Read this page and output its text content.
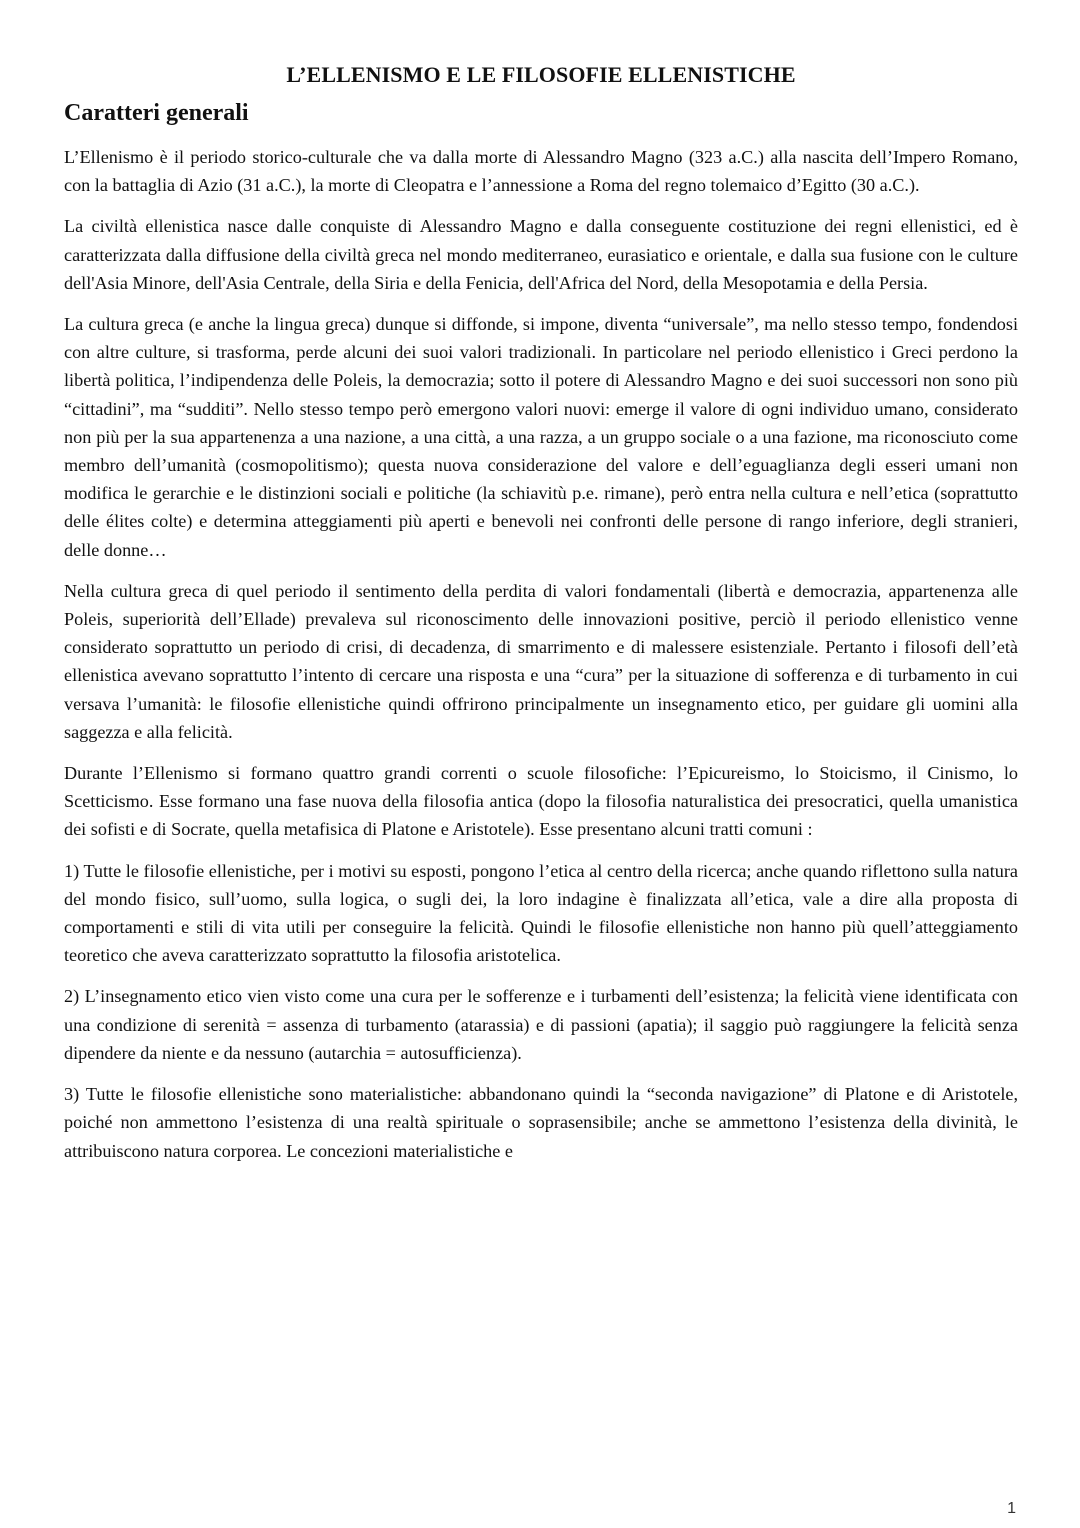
L’ELLENISMO E LE FILOSOFIE ELLENISTICHE
Caratteri generali

L’Ellenismo è il periodo storico-culturale che va dalla morte di Alessandro Magno (323 a.C.) alla nascita dell’Impero Romano, con la battaglia di Azio (31 a.C.), la morte di Cleopatra e l’annessione a Roma del regno tolemaico d’Egitto (30 a.C.).

La civiltà ellenistica nasce dalle conquiste di Alessandro Magno e dalla conseguente costituzione dei regni ellenistici, ed è caratterizzata dalla diffusione della civiltà greca nel mondo mediterraneo, eurasiatico e orientale, e dalla sua fusione con le culture dell'Asia Minore, dell'Asia Centrale, della Siria e della Fenicia, dell'Africa del Nord, della Mesopotamia e della Persia.

La cultura greca (e anche la lingua greca) dunque si diffonde, si impone, diventa “universale”, ma nello stesso tempo, fondendosi con altre culture, si trasforma, perde alcuni dei suoi valori tradizionali. In particolare nel periodo ellenistico i Greci perdono la libertà politica, l’indipendenza delle Poleis, la democrazia; sotto il potere di Alessandro Magno e dei suoi successori non sono più “cittadini”, ma “sudditi”. Nello stesso tempo però emergono valori nuovi: emerge il valore di ogni individuo umano, considerato non più per la sua appartenenza a una nazione, a una città, a una razza, a un gruppo sociale o a una fazione, ma riconosciuto come membro dell’umanità (cosmopolitismo); questa nuova considerazione del valore e dell’eguaglianza degli esseri umani non modifica le gerarchie e le distinzioni sociali e politiche (la schiavitù p.e. rimane), però entra nella cultura e nell’etica (soprattutto delle élites colte) e determina atteggiamenti più aperti e benevoli nei confronti delle persone di rango inferiore, degli stranieri, delle donne…

Nella cultura greca di quel periodo il sentimento della perdita di valori fondamentali (libertà e democrazia, appartenenza alle Poleis, superiorità dell’Ellade) prevaleva sul riconoscimento delle innovazioni positive, perciò il periodo ellenistico venne considerato soprattutto un periodo di crisi, di decadenza, di smarrimento e di malessere esistenziale. Pertanto i filosofi dell’età ellenistica avevano soprattutto l’intento di cercare una risposta e una “cura” per la situazione di sofferenza e di turbamento in cui versava l’umanità: le filosofie ellenistiche quindi offrirono principalmente un insegnamento etico, per guidare gli uomini alla saggezza e alla felicità.

Durante l’Ellenismo si formano quattro grandi correnti o scuole filosofiche: l’Epicureismo, lo Stoicismo, il Cinismo, lo Scetticismo. Esse formano una fase nuova della filosofia antica (dopo la filosofia naturalistica dei presocratici, quella umanistica dei sofisti e di Socrate, quella metafisica di Platone e Aristotele). Esse presentano alcuni tratti comuni :

1) Tutte le filosofie ellenistiche, per i motivi su esposti, pongono l’etica al centro della ricerca; anche quando riflettono sulla natura del mondo fisico, sull’uomo, sulla logica, o sugli dei, la loro indagine è finalizzata all’etica, vale a dire alla proposta di comportamenti e stili di vita utili per conseguire la felicità. Quindi le filosofie ellenistiche non hanno più quell’atteggiamento teoretico che aveva caratterizzato soprattutto la filosofia aristotelica.

2) L’insegnamento etico vien visto come una cura per le sofferenze e i turbamenti dell’esistenza; la felicità viene identificata con una condizione di serenità = assenza di turbamento (atarassia) e di passioni (apatia); il saggio può raggiungere la felicità senza dipendere da niente e da nessuno (autarchia = autosufficienza).

3) Tutte le filosofie ellenistiche sono materialistiche: abbandonano quindi la “seconda navigazione” di Platone e di Aristotele, poiché non ammettono l’esistenza di una realtà spirituale o soprasensibile; anche se ammettono l’esistenza della divinità, le attribuiscono natura corporea. Le concezioni materialistiche e

1
